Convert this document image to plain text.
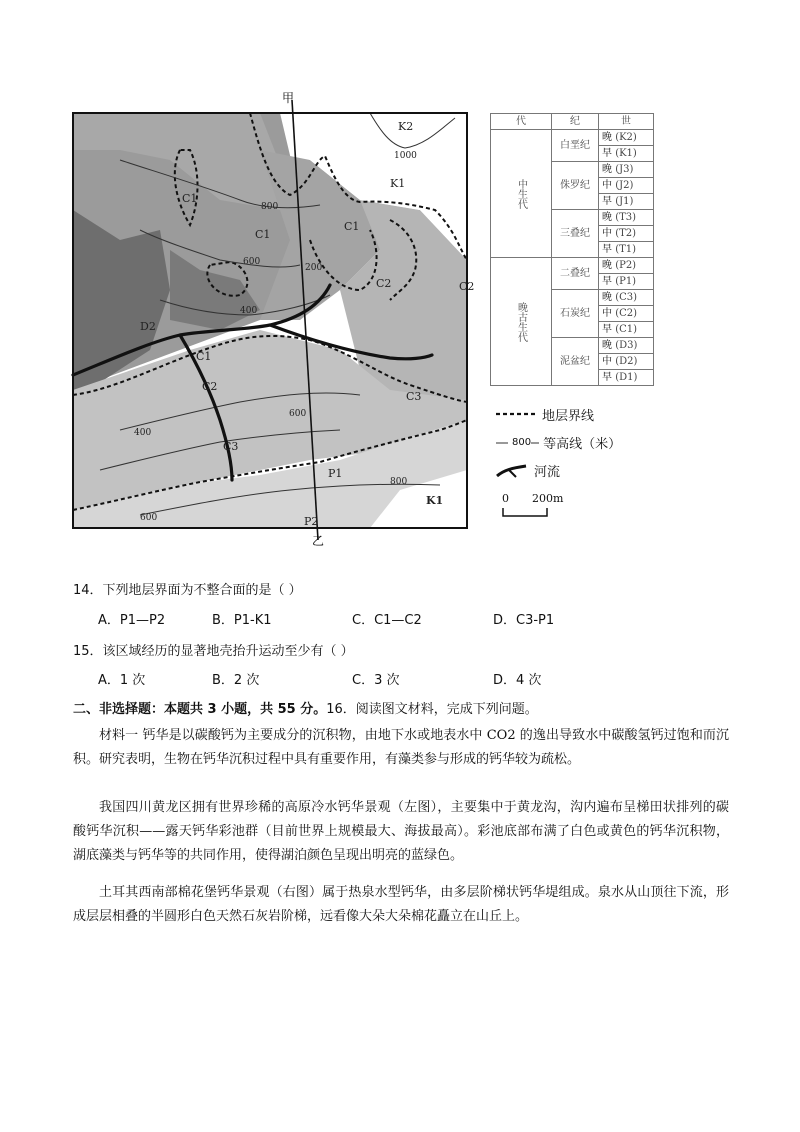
甲
乙
K2
K1
C1
C1
C1
C1
C2	C2
C2
C3
C3
D2
P1
P2
K1
1000
800
600
400
600
400
800
600
200
代	纪	世
中生代	白垩纪	晚 (K2)
		早 (K1)
	侏罗纪	晚 (J3)
		中 (J2)
		早 (J1)
	三叠纪	晚 (T3)
		中 (T2)
		早 (T1)
晚古生代	二叠纪	晚 (P2)
		早 (P1)
	石炭纪	晚 (C3)
		中 (C2)
		早 (C1)
	泥盆纪	晚 (D3)
		中 (D2)
		早 (D1)
地层界线
800 等高线（米）
河流
0 200m
14．下列地层界面为不整合面的是（ ）
A．P1—P2	B．P1-K1	C．C1—C2	D．C3-P1
15．该区域经历的显著地壳抬升运动至少有（ ）
A．1 次	B．2 次	C．3 次	D．4 次
二、非选择题：本题共 3 小题，共 55 分。16．阅读图文材料，完成下列问题。
材料一 钙华是以碳酸钙为主要成分的沉积物，由地下水或地表水中 CO2 的逸出导致水中碳酸氢钙过饱和而沉积。研究表明，生物在钙华沉积过程中具有重要作用，有藻类参与形成的钙华较为疏松。
我国四川黄龙区拥有世界珍稀的高原冷水钙华景观（左图），主要集中于黄龙沟，沟内遍布呈梯田状排列的碳酸钙华沉积——露天钙华彩池群（目前世界上规模最大、海拔最高）。彩池底部布满了白色或黄色的钙华沉积物，湖底藻类与钙华等的共同作用，使得湖泊颜色呈现出明亮的蓝绿色。
土耳其西南部棉花堡钙华景观（右图）属于热泉水型钙华，由多层阶梯状钙华堤组成。泉水从山顶往下流，形成层层相叠的半圆形白色天然石灰岩阶梯，远看像大朵大朵棉花矗立在山丘上。
